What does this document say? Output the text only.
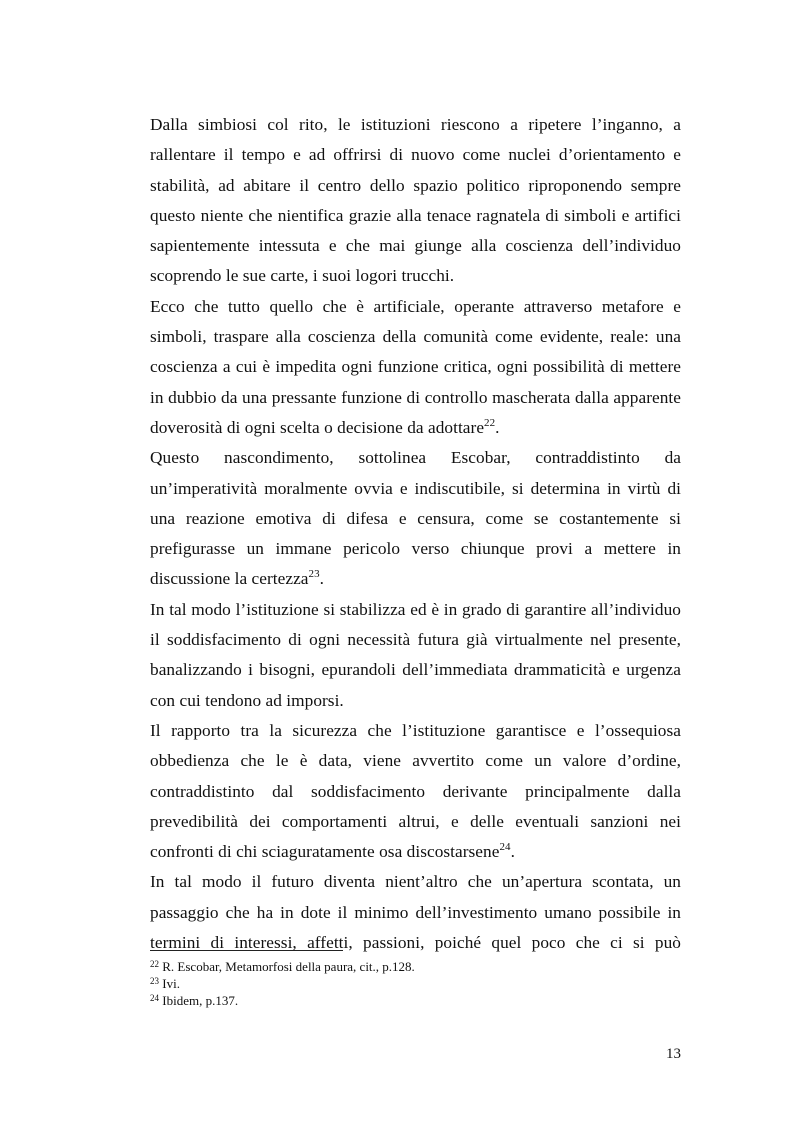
Dalla simbiosi col rito, le istituzioni riescono a ripetere l’inganno, a rallentare il tempo e ad offrirsi di nuovo come nuclei d’orientamento e stabilità, ad abitare il centro dello spazio politico riproponendo sempre questo niente che nientifica grazie alla tenace ragnatela di simboli e artifici sapientemente intessuta e che mai giunge alla coscienza dell’individuo scoprendo le sue carte, i suoi logori trucchi.

Ecco che tutto quello che è artificiale, operante attraverso metafore e simboli, traspare alla coscienza della comunità come evidente, reale: una coscienza a cui è impedita ogni funzione critica, ogni possibilità di mettere in dubbio da una pressante funzione di controllo mascherata dalla apparente doverosità di ogni scelta o decisione da adottare$^{22}$.

Questo nascondimento, sottolinea Escobar, contraddistinto da un’imperatività moralmente ovvia e indiscutibile, si determina in virtù di una reazione emotiva di difesa e censura, come se costantemente si prefigurasse un immane pericolo verso chiunque provi a mettere in discussione la certezza$^{23}$.

In tal modo l’istituzione si stabilizza ed è in grado di garantire all’individuo il soddisfacimento di ogni necessità futura già virtualmente nel presente, banalizzando i bisogni, epurandoli dell’immediata drammaticità e urgenza con cui tendono ad imporsi.

Il rapporto tra la sicurezza che l’istituzione garantisce e l’ossequiosa obbedienza che le è data, viene avvertito come un valore d’ordine, contraddistinto dal soddisfacimento derivante principalmente dalla prevedibilità dei comportamenti altrui, e delle eventuali sanzioni nei confronti di chi sciaguratamente osa discostarsene$^{24}$.

In tal modo il futuro diventa nient’altro che un’apertura scontata, un passaggio che ha in dote il minimo dell’investimento umano possibile in termini di interessi, affetti, passioni, poiché quel poco che ci si può

$^{22}$ R. Escobar, Metamorfosi della paura, cit., p.128.

$^{23}$ Ivi.

$^{24}$ Ibidem, p.137.

13
